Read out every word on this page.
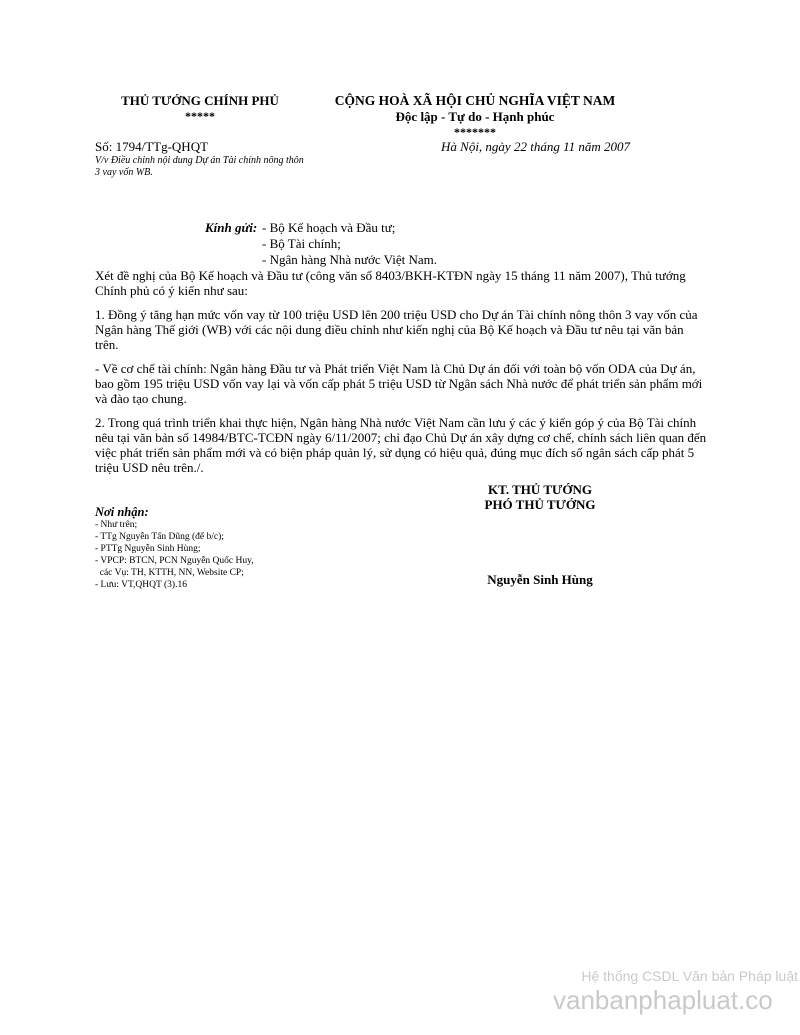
THỦ TƯỚNG CHÍNH PHỦ
*****
CỘNG HOÀ XÃ HỘI CHỦ NGHĨA VIỆT NAM
Độc lập - Tự do - Hạnh phúc
*******
Số: 1794/TTg-QHQT
V/v Điều chỉnh nội dung Dự án Tài chính nông thôn 3 vay vốn WB.
Hà Nội, ngày 22 tháng 11 năm 2007
Kính gửi: - Bộ Kế hoạch và Đầu tư;
- Bộ Tài chính;
- Ngân hàng Nhà nước Việt Nam.

Xét đề nghị của Bộ Kế hoạch và Đầu tư (công văn số 8403/BKH-KTĐN ngày 15 tháng 11 năm 2007), Thủ tướng Chính phủ có ý kiến như sau:

1. Đồng ý tăng hạn mức vốn vay từ 100 triệu USD lên 200 triệu USD cho Dự án Tài chính nông thôn 3 vay vốn của Ngân hàng Thế giới (WB) với các nội dung điều chỉnh như kiến nghị của Bộ Kế hoạch và Đầu tư nêu tại văn bản trên.

- Về cơ chế tài chính: Ngân hàng Đầu tư và Phát triển Việt Nam là Chủ Dự án đối với toàn bộ vốn ODA của Dự án, bao gồm 195 triệu USD vốn vay lại và vốn cấp phát 5 triệu USD từ Ngân sách Nhà nước để phát triển sản phẩm mới và đào tạo chung.

2. Trong quá trình triển khai thực hiện, Ngân hàng Nhà nước Việt Nam cần lưu ý các ý kiến góp ý của Bộ Tài chính nêu tại văn bản số 14984/BTC-TCĐN ngày 6/11/2007; chỉ đạo Chủ Dự án xây dựng cơ chế, chính sách liên quan đến việc phát triển sản phẩm mới và có biện pháp quản lý, sử dụng có hiệu quả, đúng mục đích số ngân sách cấp phát 5 triệu USD nêu trên./.

KT. THỦ TƯỚNG
PHÓ THỦ TƯỚNG
Nguyễn Sinh Hùng
Nơi nhận:
- Như trên;
- TTg Nguyễn Tấn Dũng (để b/c);
- PTTg Nguyễn Sinh Hùng;
- VPCP: BTCN, PCN Nguyễn Quốc Huy,
các Vụ: TH, KTTH, NN, Website CP;
- Lưu: VT,QHQT (3).16
Hệ thống CSDL Văn bản Pháp luật
vanbanphapluat.co
